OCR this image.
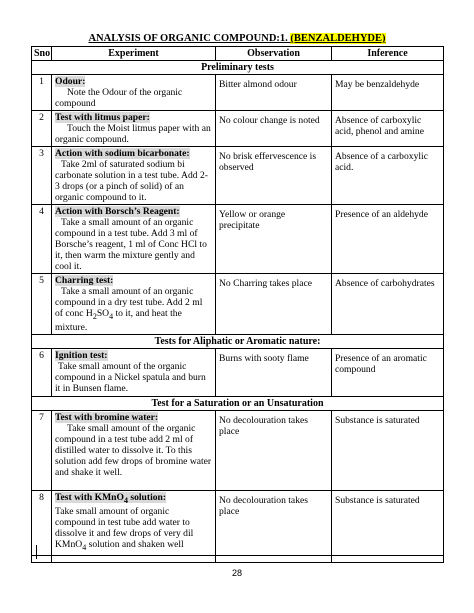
ANALYSIS OF ORGANIC COMPOUND:1. (BENZALDEHYDE)
Sno	Experiment	Observation	Inference
Preliminary tests			
1	Odour:
Note the Odour of the organic compound	Bitter almond odour	May be benzaldehyde
2	Test with litmus paper:
Touch the Moist litmus paper with an organic compound.	No colour change is noted	Absence of carboxylic acid, phenol and amine
3	Action with sodium bicarbonate:
Take 2ml of saturated sodium bi carbonate solution in a test tube. Add 2-3 drops (or a pinch of solid) of an organic compound to it.	No brisk effervescence is observed	Absence of a carboxylic acid.
4	Action with Borsch’s Reagent:
Take a small amount of an organic compound in a test tube. Add 3 ml of Borsche’s reagent, 1 ml of Conc HCl to it, then warm the mixture gently and cool it.	Yellow or orange precipitate	Presence of an aldehyde
5	Charring test:
Take a small amount of an organic compound in a dry test tube. Add 2 ml of conc $H_2SO_4$ to it, and heat the mixture.	No Charring takes place	Absence of carbohydrates
Tests for Aliphatic or Aromatic nature:			
6	Ignition test:
Take small amount of the organic compound in a Nickel spatula and burn it in Bunsen flame.	Burns with sooty flame	Presence of an aromatic compound
Test for a Saturation or an Unsaturation			
7	Test with bromine water:
Take small amount of the organic compound in a test tube add 2 ml of distilled water to dissolve it. To this solution add few drops of bromine water and shake it well.	No decolouration takes place	Substance is saturated
8	Test with KMnO$_4$ solution:
Take small amount of organic compound in test tube add water to dissolve it and few drops of very dil KMnO$_4$ solution and shaken well	No decolouration takes place	Substance is saturated
28
